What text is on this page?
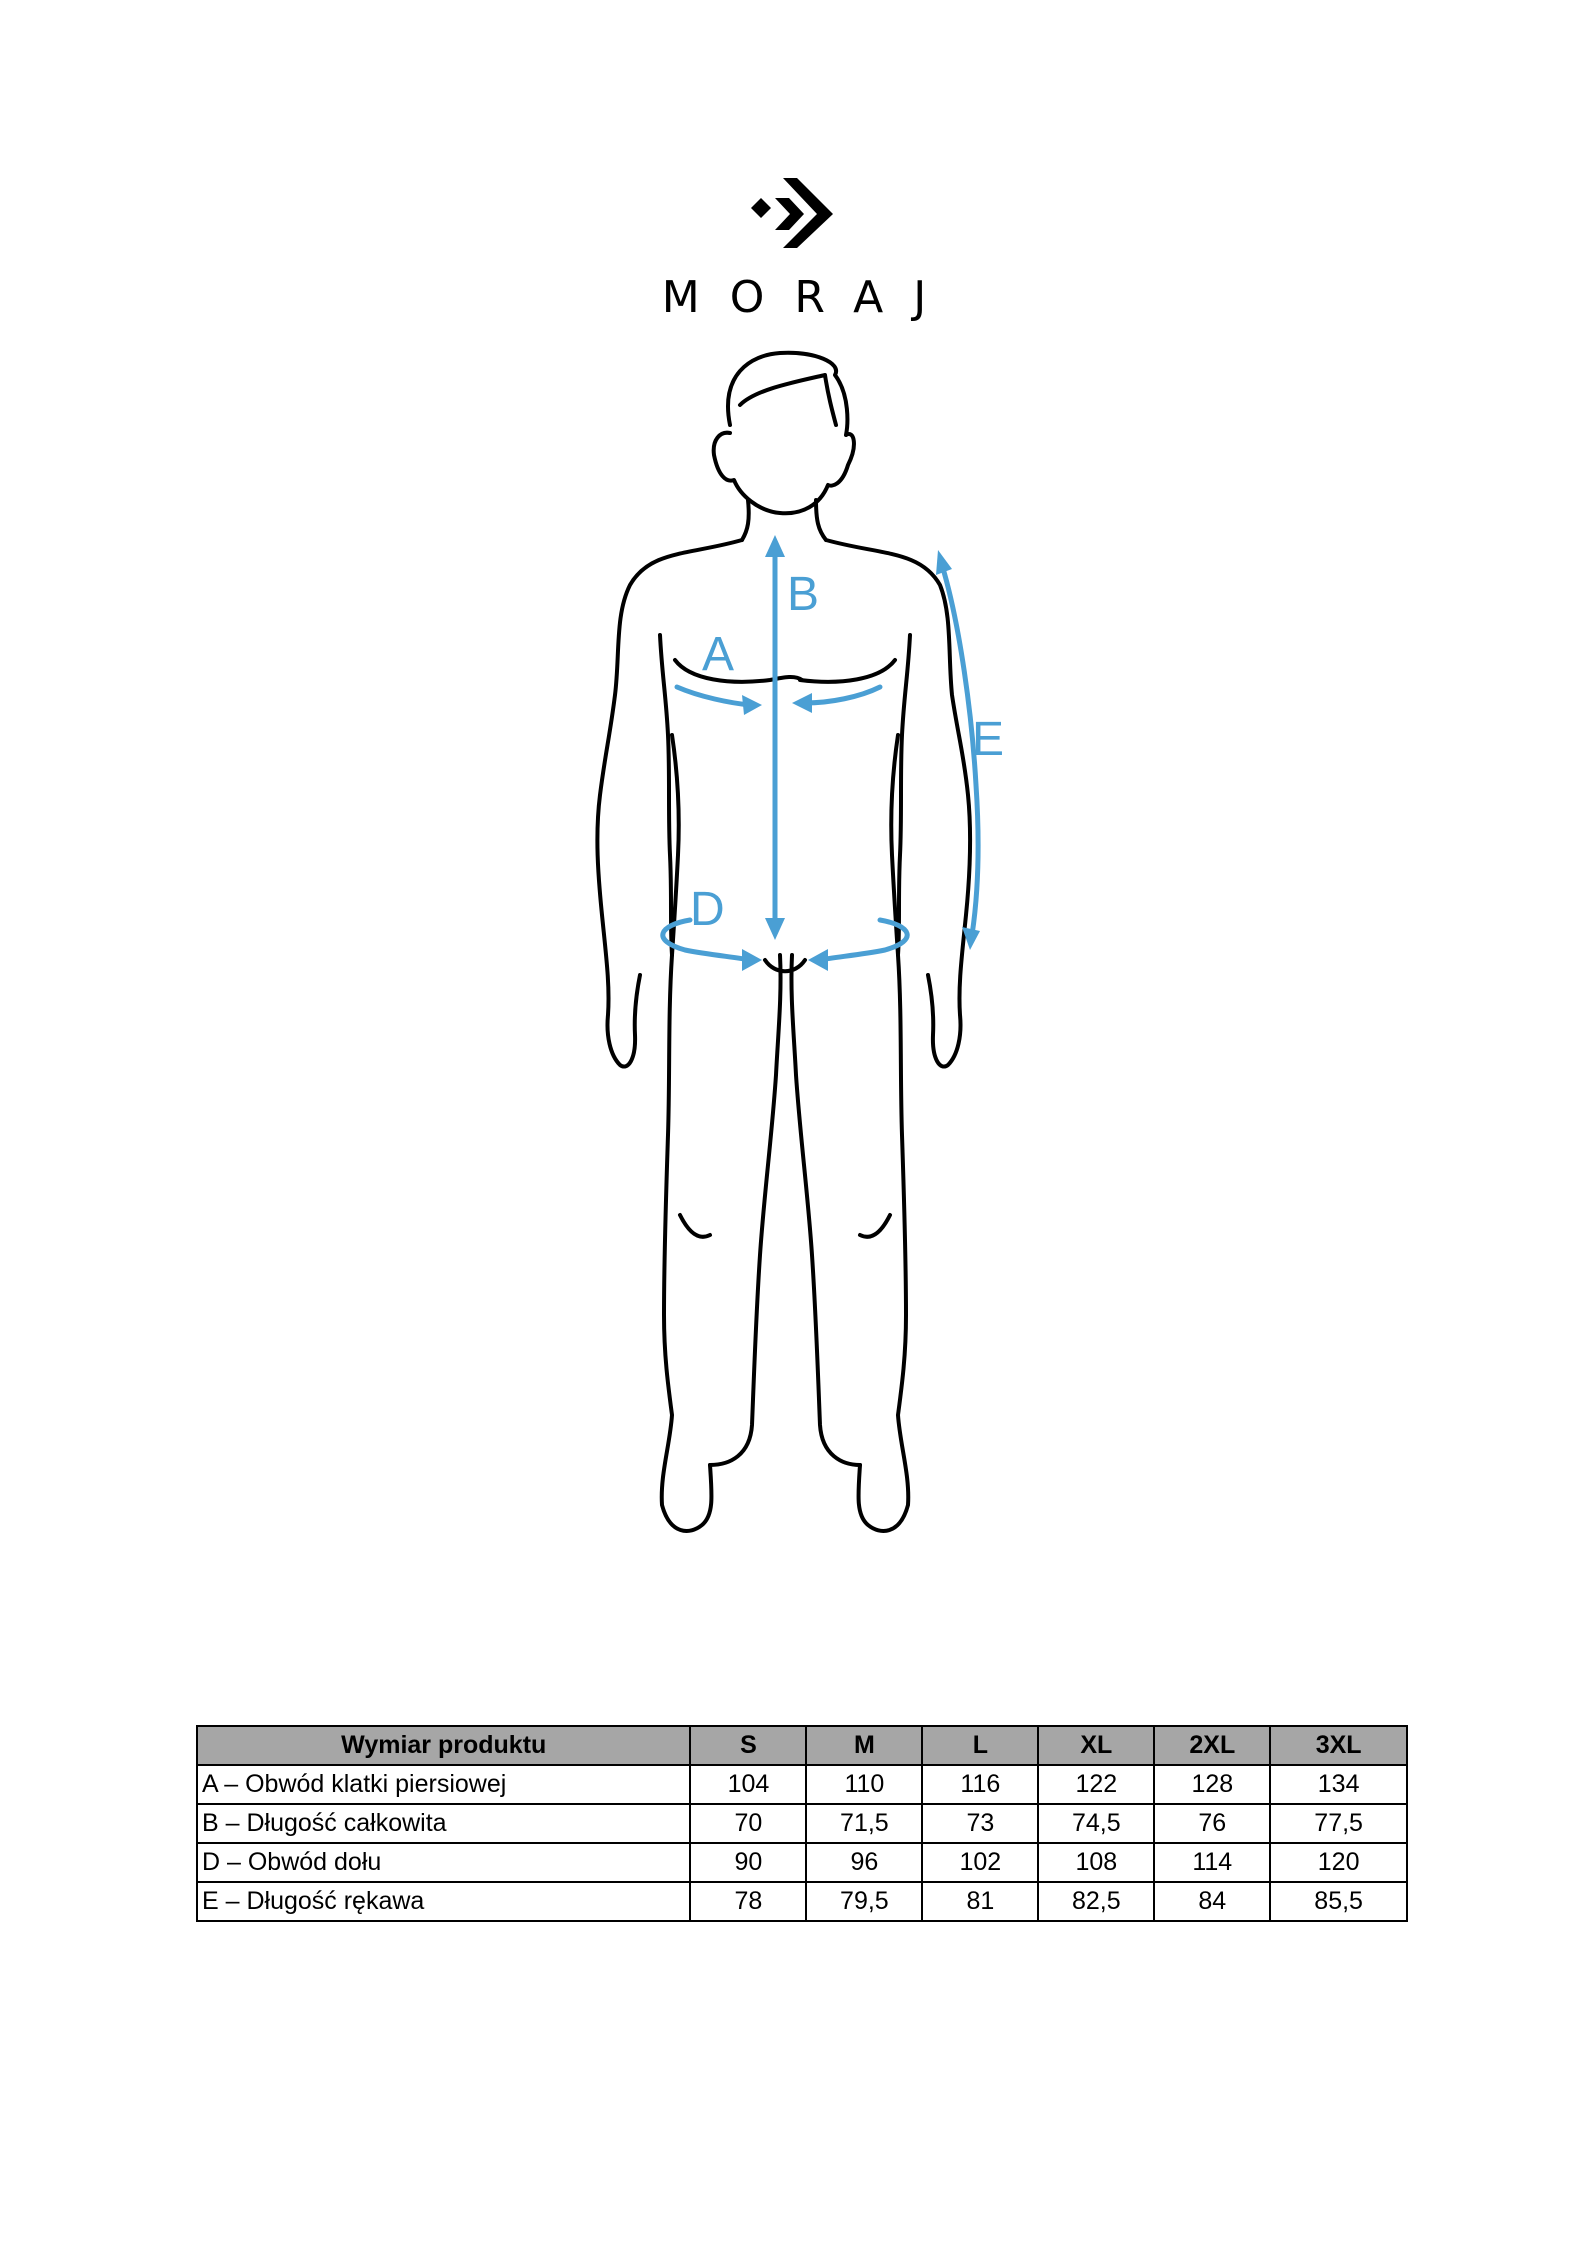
MORAJ
B
A
D
E
Wymiar produktu	S	M	L	XL	2XL	3XL
A – Obwód klatki piersiowej	104	110	116	122	128	134
B – Długość całkowita	70	71,5	73	74,5	76	77,5
D – Obwód dołu	90	96	102	108	114	120
E – Długość rękawa	78	79,5	81	82,5	84	85,5
